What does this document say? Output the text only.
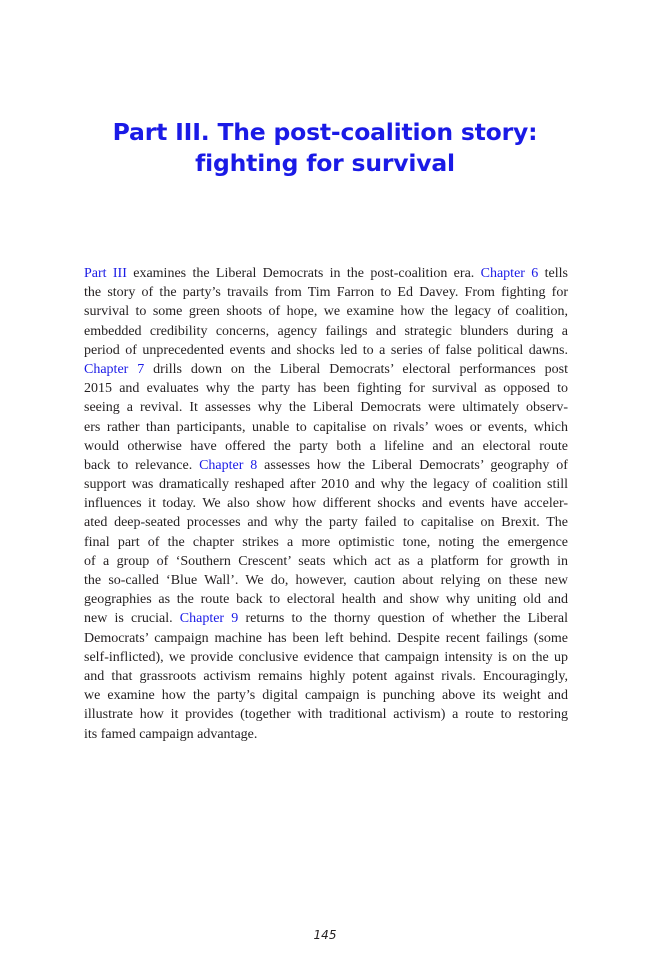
Part III. The post-coalition story:
fighting for survival
Part III examines the Liberal Democrats in the post-coalition era. Chapter 6 tells
the story of the party’s travails from Tim Farron to Ed Davey. From fighting for
survival to some green shoots of hope, we examine how the legacy of coalition,
embedded credibility concerns, agency failings and strategic blunders during a
period of unprecedented events and shocks led to a series of false political dawns.
Chapter 7 drills down on the Liberal Democrats’ electoral performances post
2015 and evaluates why the party has been fighting for survival as opposed to
seeing a revival. It assesses why the Liberal Democrats were ultimately observ-
ers rather than participants, unable to capitalise on rivals’ woes or events, which
would otherwise have offered the party both a lifeline and an electoral route
back to relevance. Chapter 8 assesses how the Liberal Democrats’ geography of
support was dramatically reshaped after 2010 and why the legacy of coalition still
influences it today. We also show how different shocks and events have acceler-
ated deep-seated processes and why the party failed to capitalise on Brexit. The
final part of the chapter strikes a more optimistic tone, noting the emergence
of a group of ‘Southern Crescent’ seats which act as a platform for growth in
the so-called ‘Blue Wall’. We do, however, caution about relying on these new
geographies as the route back to electoral health and show why uniting old and
new is crucial. Chapter 9 returns to the thorny question of whether the Liberal
Democrats’ campaign machine has been left behind. Despite recent failings (some
self-inflicted), we provide conclusive evidence that campaign intensity is on the up
and that grassroots activism remains highly potent against rivals. Encouragingly,
we examine how the party’s digital campaign is punching above its weight and
illustrate how it provides (together with traditional activism) a route to restoring
its famed campaign advantage.
145
